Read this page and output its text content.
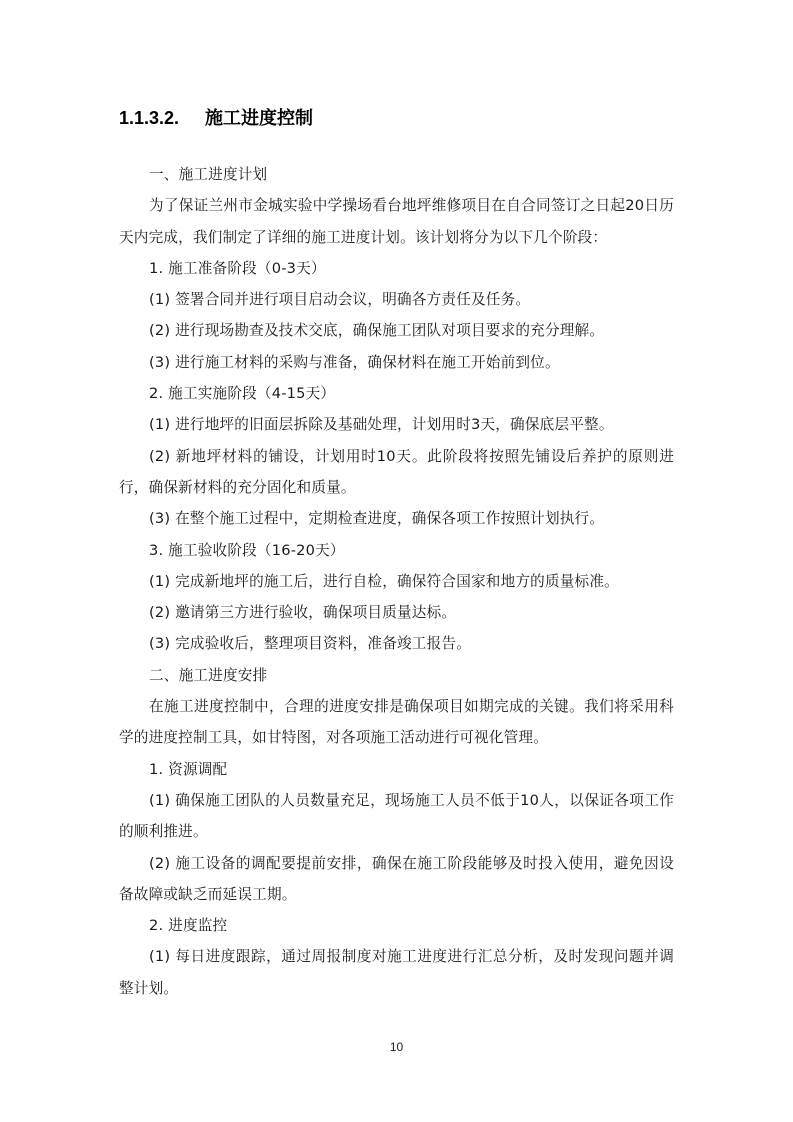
1.1.3.2. 施工进度控制

一、施工进度计划

为了保证兰州市金城实验中学操场看台地坪维修项目在自合同签订之日起20日历天内完成，我们制定了详细的施工进度计划。该计划将分为以下几个阶段：

1. 施工准备阶段（0-3天）

(1) 签署合同并进行项目启动会议，明确各方责任及任务。

(2) 进行现场勘查及技术交底，确保施工团队对项目要求的充分理解。

(3) 进行施工材料的采购与准备，确保材料在施工开始前到位。

2. 施工实施阶段（4-15天）

(1) 进行地坪的旧面层拆除及基础处理，计划用时3天，确保底层平整。

(2) 新地坪材料的铺设，计划用时10天。此阶段将按照先铺设后养护的原则进行，确保新材料的充分固化和质量。

(3) 在整个施工过程中，定期检查进度，确保各项工作按照计划执行。

3. 施工验收阶段（16-20天）

(1) 完成新地坪的施工后，进行自检，确保符合国家和地方的质量标准。

(2) 邀请第三方进行验收，确保项目质量达标。

(3) 完成验收后，整理项目资料，准备竣工报告。

二、施工进度安排

在施工进度控制中，合理的进度安排是确保项目如期完成的关键。我们将采用科学的进度控制工具，如甘特图，对各项施工活动进行可视化管理。

1. 资源调配

(1) 确保施工团队的人员数量充足，现场施工人员不低于10人，以保证各项工作的顺利推进。

(2) 施工设备的调配要提前安排，确保在施工阶段能够及时投入使用，避免因设备故障或缺乏而延误工期。

2. 进度监控

(1) 每日进度跟踪，通过周报制度对施工进度进行汇总分析，及时发现问题并调整计划。

10
